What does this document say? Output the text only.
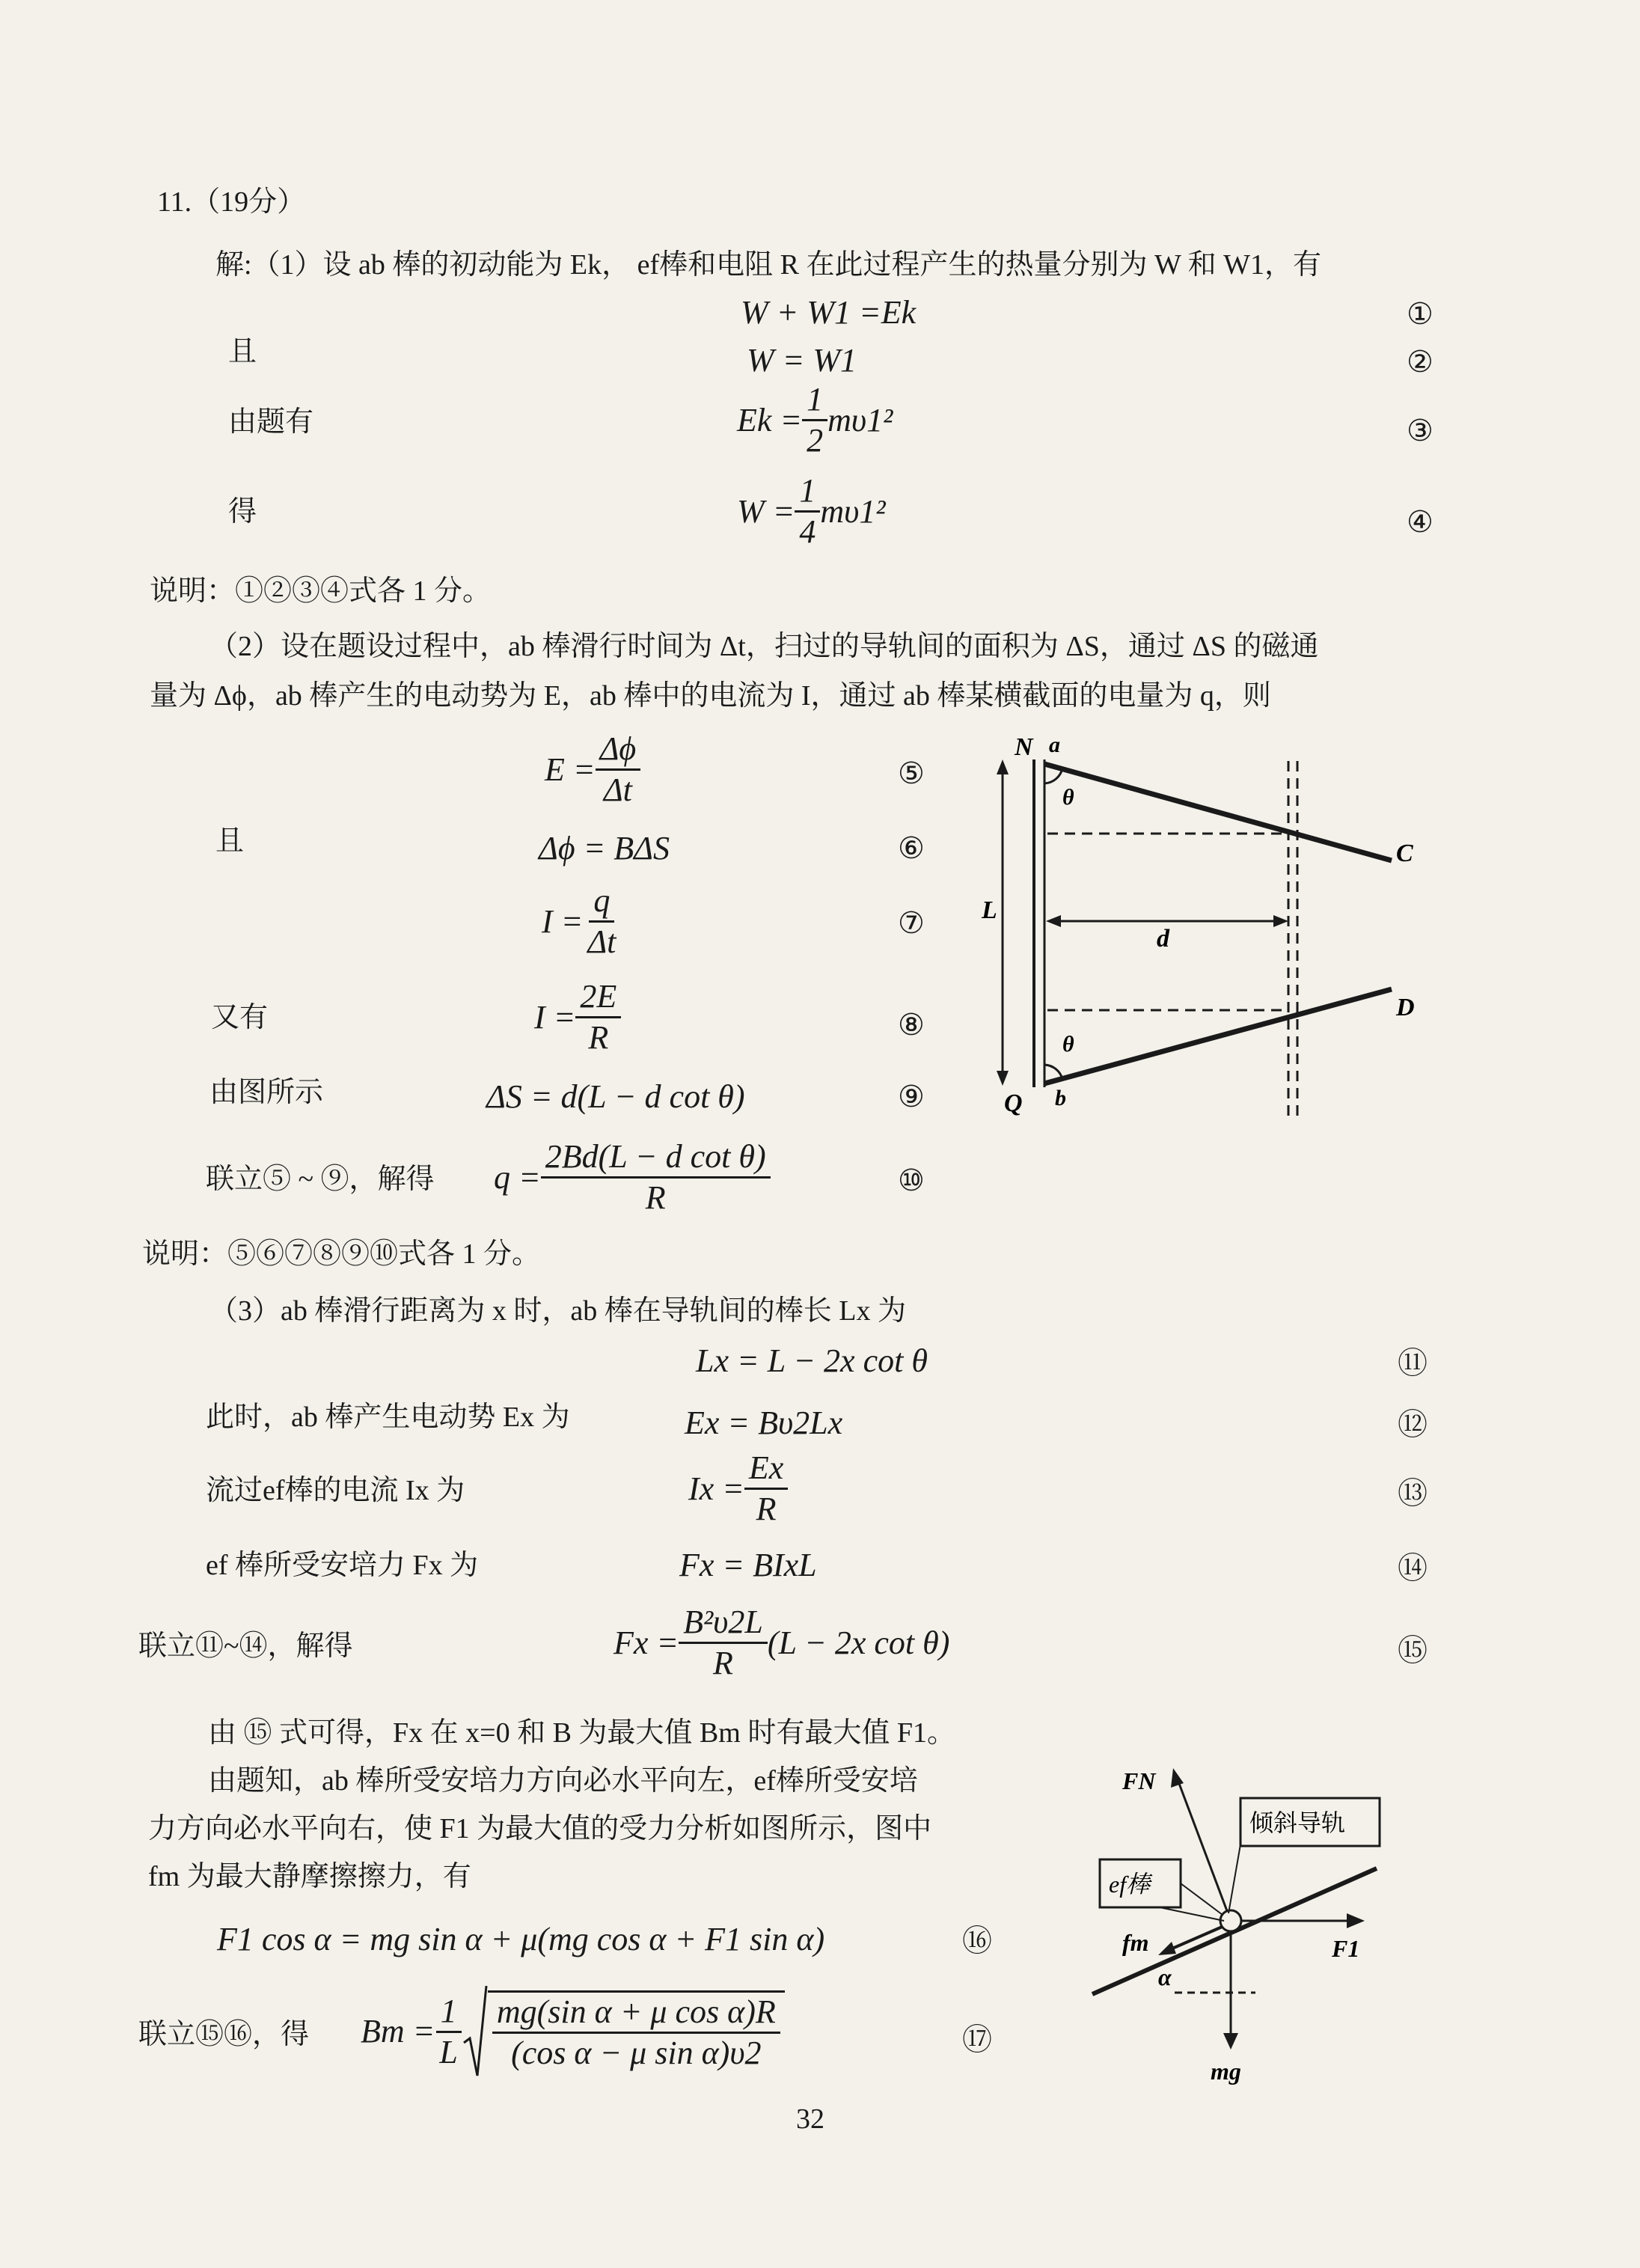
11.（19分）
解:（1）设 ab 棒的初动能为 Ek， ef棒和电阻 R 在此过程产生的热量分别为 W 和 W1，有
W + W1 =Ek
且	W = W1
由题有	$Ek = \frac{1}{2} m\upsilon 1^2$
得	$W = \frac{1}{4} m\upsilon 1^2$
说明：①②③④式各 1 分。
（2）设在题设过程中，ab 棒滑行时间为 Δt，扫过的导轨间的面积为 ΔS，通过 ΔS 的磁通
量为 Δϕ，ab 棒产生的电动势为 E，ab 棒中的电流为 I，通过 ab 棒某横截面的电量为 q，则
$E = \frac{\Delta\phi}{\Delta t}$
且	Δϕ = BΔS
$I = \frac{q}{\Delta t}$
又有	$I = \frac{2E}{R}$
由图所示	ΔS = d(L − d cot θ)
联立⑤ ~ ⑨，解得 $q = \frac{\text{2Bd(L − d cot θ)}}{R}$
说明：⑤⑥⑦⑧⑨⑩式各 1 分。
N a
θ
C
L
d
D
θ
Q b
（3）ab 棒滑行距离为 x 时，ab 棒在导轨间的棒长 Lx 为
Lx = L − 2x cot θ
此时，ab 棒产生电动势 Ex 为	Ex = Bυ2Lx
流过ef棒的电流 Ix 为	$Ix = \frac{Ex}{R}$
ef 棒所受安培力 Fx 为	Fx = BIxL
联立⑪~⑭，解得	$Fx = \frac{\text{B²υ2L}}{R} (L - 2x$ cot θ)
由 ⑮ 式可得，Fx 在 x=0 和 B 为最大值 Bm 时有最大值 F1。
由题知，ab 棒所受安培力方向必水平向左，ef棒所受安培
力方向必水平向右，使 F1 为最大值的受力分析如图所示，图中
fm 为最大静摩擦擦力，有
F1 cos α = mg sin α + μ(mg cos α + F1 sin α)
联立⑮⑯，得 $Bm = \frac{1}{L} \frac{\text{mg(sin α + μ cos α)R}}{\text{(cos α − μ sin α)υ2}}$
FN
倾斜导轨
ef棒
fm	F1
α
mg
①
②
③
④
⑤
⑥
⑦
⑧
⑨
⑩
⑪
⑫
⑬
⑭
⑮
⑯
⑰
32
